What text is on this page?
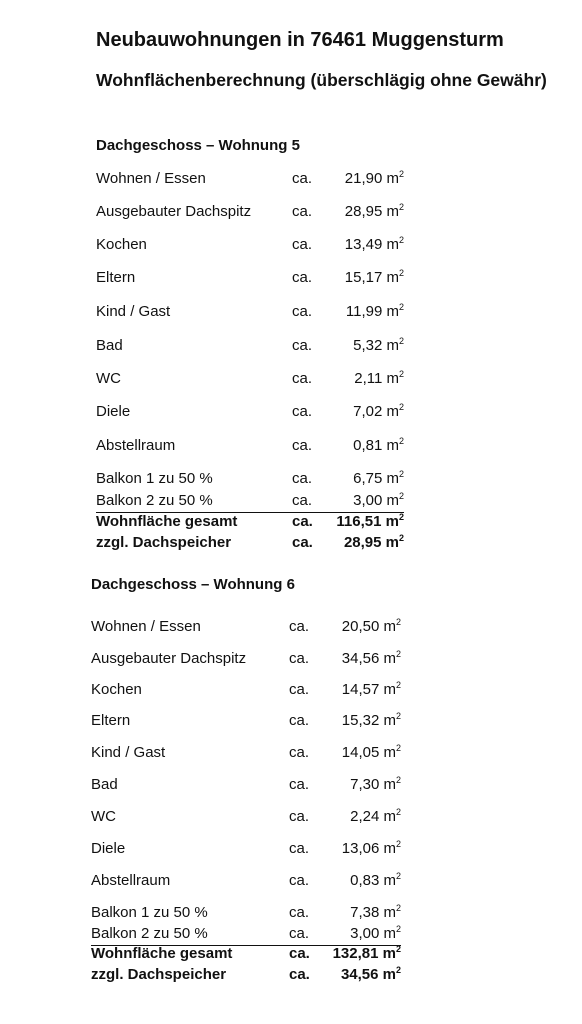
Neubauwohnungen in 76461 Muggensturm
Wohnflächenberechnung (überschlägig ohne Gewähr)
Dachgeschoss – Wohnung 5
Wohnen / Essen	ca. 21,90 $m^2$
Ausgebauter Dachspitz	ca. 28,95 $m^2$
Kochen	ca. 13,49 $m^2$
Eltern	ca. 15,17 $m^2$
Kind / Gast	ca. 11,99 $m^2$
Bad	ca.	5,32 $m^2$
WC	ca.	2,11 $m^2$
Diele	ca.	7,02 $m^2$
Abstellraum	ca.	0,81 $m^2$
Balkon 1 zu 50 %	ca.	6,75 $m^2$
Balkon 2 zu 50 %	ca.	3,00 $m^2$
Wohnfläche gesamt	ca. 116,51 $m^2$
zzgl. Dachspeicher	ca. 28,95 $m^2$
Dachgeschoss – Wohnung 6
Wohnen / Essen	ca. 20,50 $m^2$
Ausgebauter Dachspitz	ca. 34,56 $m^2$
Kochen	ca. 14,57 $m^2$
Eltern	ca. 15,32 $m^2$
Kind / Gast	ca. 14,05 $m^2$
Bad	ca.	7,30 $m^2$
WC	ca.	2,24 $m^2$
Diele	ca. 13,06 $m^2$
Abstellraum	ca.	0,83 $m^2$
Balkon 1 zu 50 %	ca.	7,38 $m^2$
Balkon 2 zu 50 %	ca.	3,00 $m^2$
Wohnfläche gesamt	ca. 132,81 $m^2$
zzgl. Dachspeicher	ca. 34,56 $m^2$
